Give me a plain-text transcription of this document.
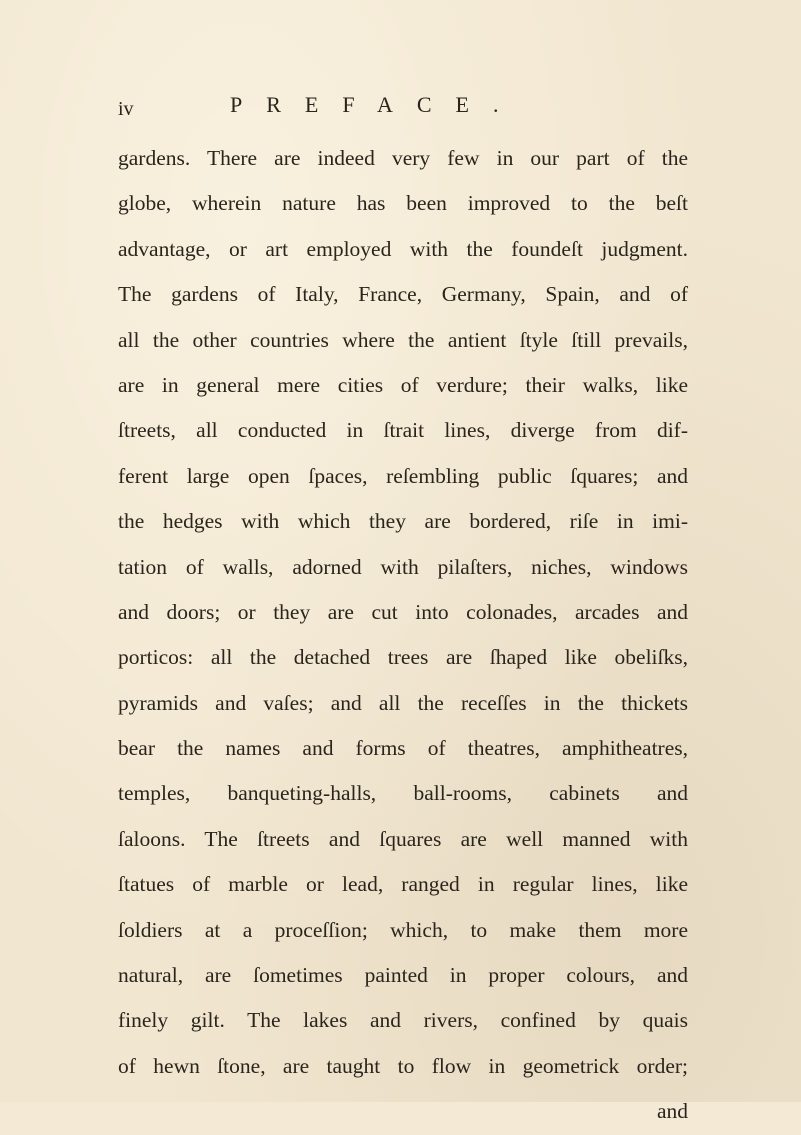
iv	PREFACE.
gardens. There are indeed very few in our part of the
globe, wherein nature has been improved to the beſt
advantage, or art employed with the foundeſt judgment.
The gardens of Italy, France, Germany, Spain, and of
all the other countries where the antient ſtyle ſtill prevails,
are in general mere cities of verdure; their walks, like
ſtreets, all conducted in ſtrait lines, diverge from dif-
ferent large open ſpaces, reſembling public ſquares; and
the hedges with which they are bordered, riſe in imi-
tation of walls, adorned with pilaſters, niches, windows
and doors; or they are cut into colonades, arcades and
porticos: all the detached trees are ſhaped like obeliſks,
pyramids and vaſes; and all the receſſes in the thickets
bear the names and forms of theatres, amphitheatres,
temples, banqueting-halls, ball-rooms, cabinets and
ſaloons. The ſtreets and ſquares are well manned with
ſtatues of marble or lead, ranged in regular lines, like
ſoldiers at a proceſſion; which, to make them more
natural, are ſometimes painted in proper colours, and
finely gilt. The lakes and rivers, confined by quais
of hewn ſtone, are taught to flow in geometrick order;
and
